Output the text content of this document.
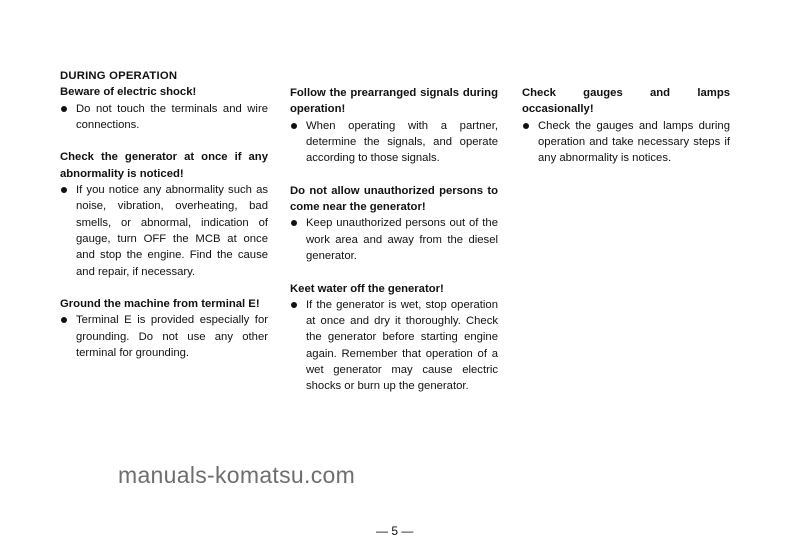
DURING OPERATION
Beware of electric shock!
Do not touch the terminals and wire connections.
Check the generator at once if any abnormality is noticed!
If you notice any abnormality such as noise, vibration, overheating, bad smells, or abnormal, indication of gauge, turn OFF the MCB at once and stop the engine. Find the cause and repair, if necessary.
Ground the machine from terminal E!
Terminal E is provided especially for grounding. Do not use any other terminal for grounding.
Follow the prearranged signals during operation!
When operating with a partner, determine the signals, and operate according to those signals.
Do not allow unauthorized persons to come near the generator!
Keep unauthorized persons out of the work area and away from the diesel generator.
Keet water off the generator!
If the generator is wet, stop operation at once and dry it thoroughly. Check the generator before starting engine again. Remember that operation of a wet generator may cause electric shocks or burn up the generator.
Check gauges and lamps occasionally!
Check the gauges and lamps during operation and take necessary steps if any abnormality is notices.
manuals-komatsu.com
— 5 —
